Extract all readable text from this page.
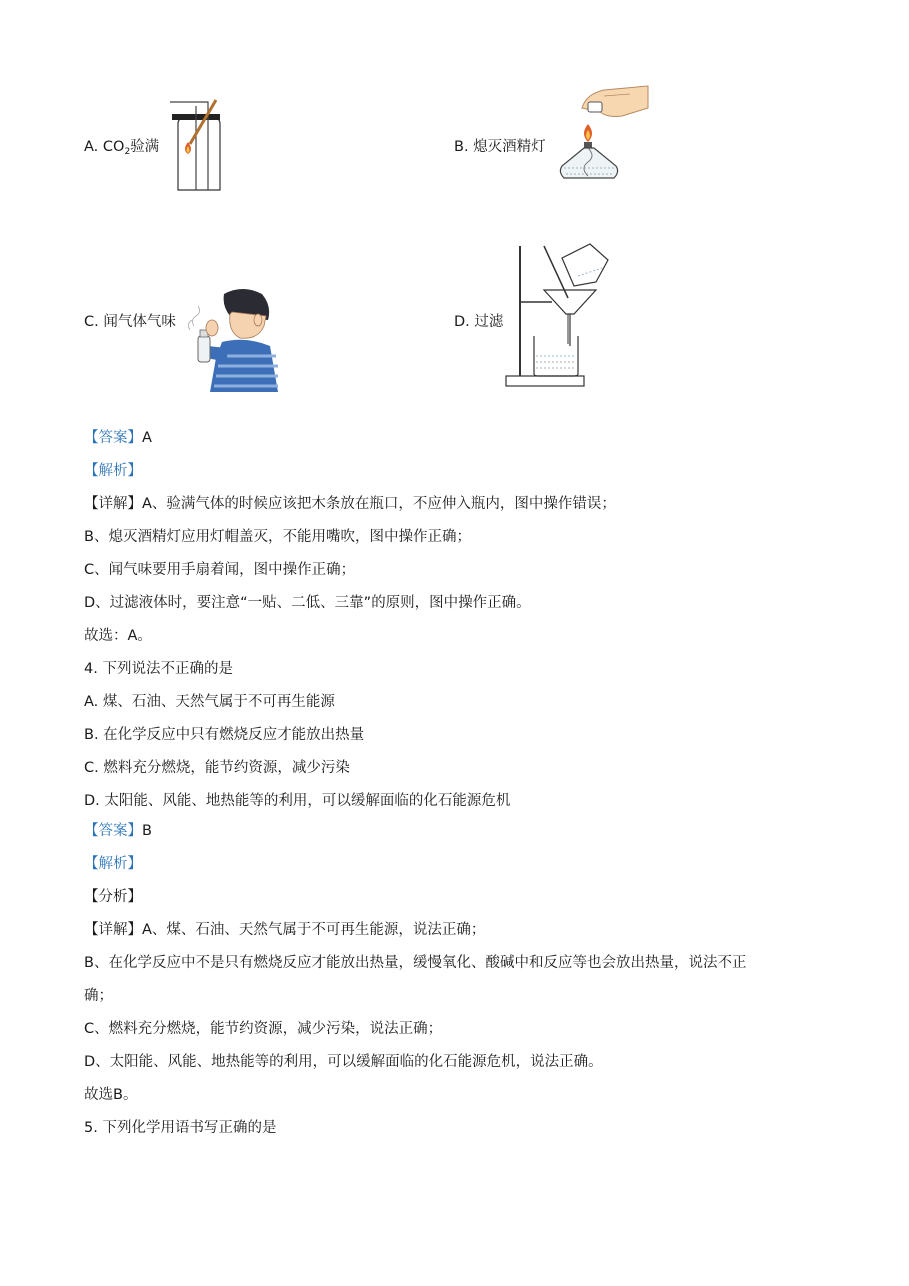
A. $CO_2$验满	B. 熄灭酒精灯
C. 闻气体气味	D. 过滤
【答案】A
【解析】
【详解】A、验满气体的时候应该把木条放在瓶口，不应伸入瓶内，图中操作错误；
B、熄灭酒精灯应用灯帽盖灭，不能用嘴吹，图中操作正确；
C、闻气味要用手扇着闻，图中操作正确；
D、过滤液体时，要注意“一贴、二低、三靠”的原则，图中操作正确。
故选：A。
4. 下列说法不正确的是
A. 煤、石油、天然气属于不可再生能源
B. 在化学反应中只有燃烧反应才能放出热量
C. 燃料充分燃烧，能节约资源，减少污染
D. 太阳能、风能、地热能等的利用，可以缓解面临的化石能源危机
【答案】B
【解析】
【分析】
【详解】A、煤、石油、天然气属于不可再生能源，说法正确；
B、在化学反应中不是只有燃烧反应才能放出热量，缓慢氧化、酸碱中和反应等也会放出热量，说法不正
确；
C、燃料充分燃烧，能节约资源，减少污染，说法正确；
D、太阳能、风能、地热能等的利用，可以缓解面临的化石能源危机，说法正确。
故选B。
5. 下列化学用语书写正确的是
